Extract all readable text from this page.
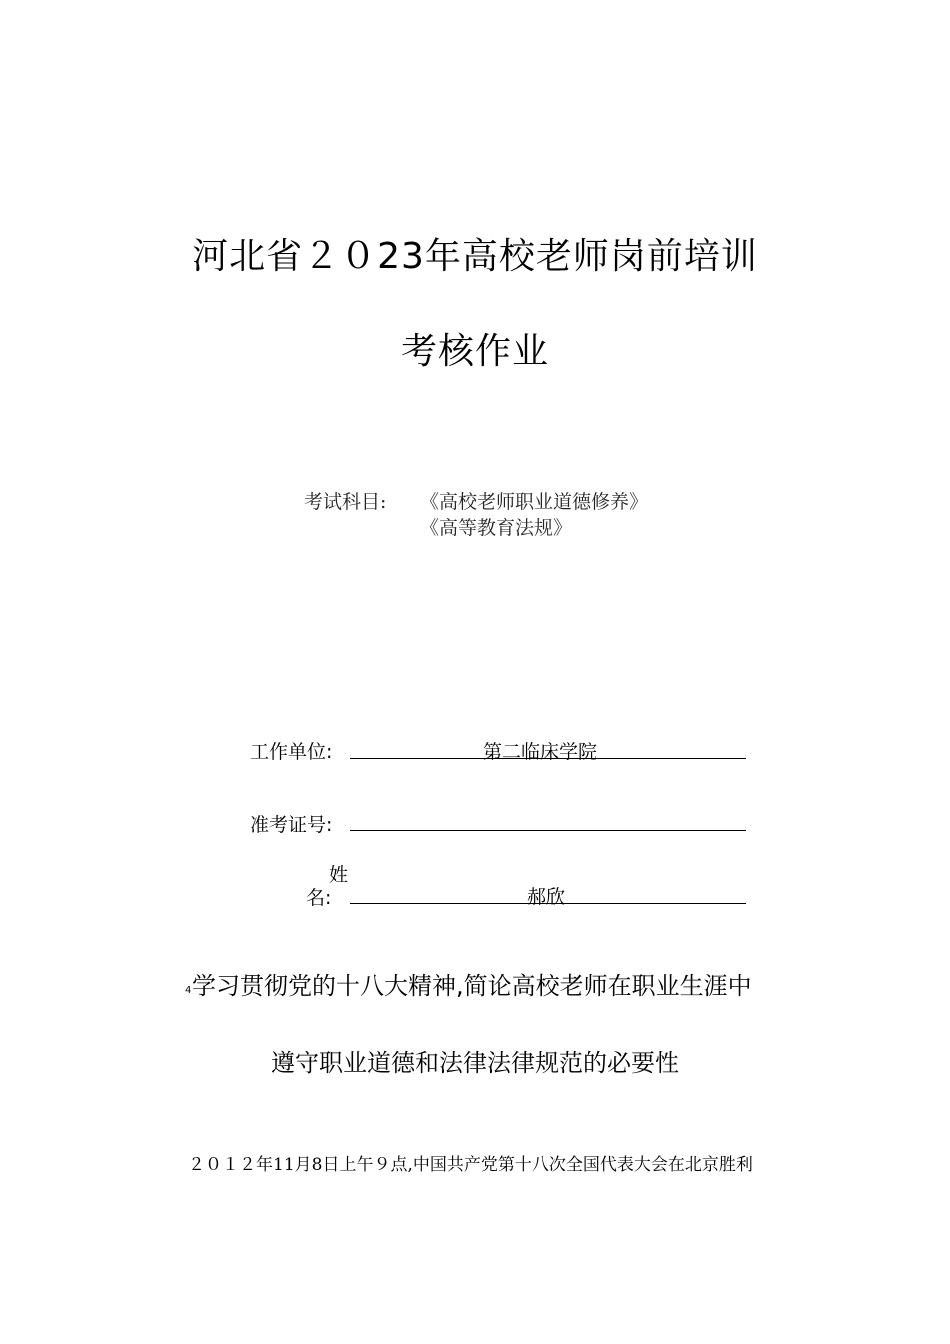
河北省２０23年高校老师岗前培训
考核作业
考试科目: 《高校老师职业道德修养》
《高等教育法规》
工作单位:	第二临床学院
准考证号:
姓
名:	郝欣
4 学习贯彻党的十八大精神,简论高校老师在职业生涯中
遵守职业道德和法律法律规范的必要性
２０１２年11月8日上午９点,中国共产党第十八次全国代表大会在北京胜利
